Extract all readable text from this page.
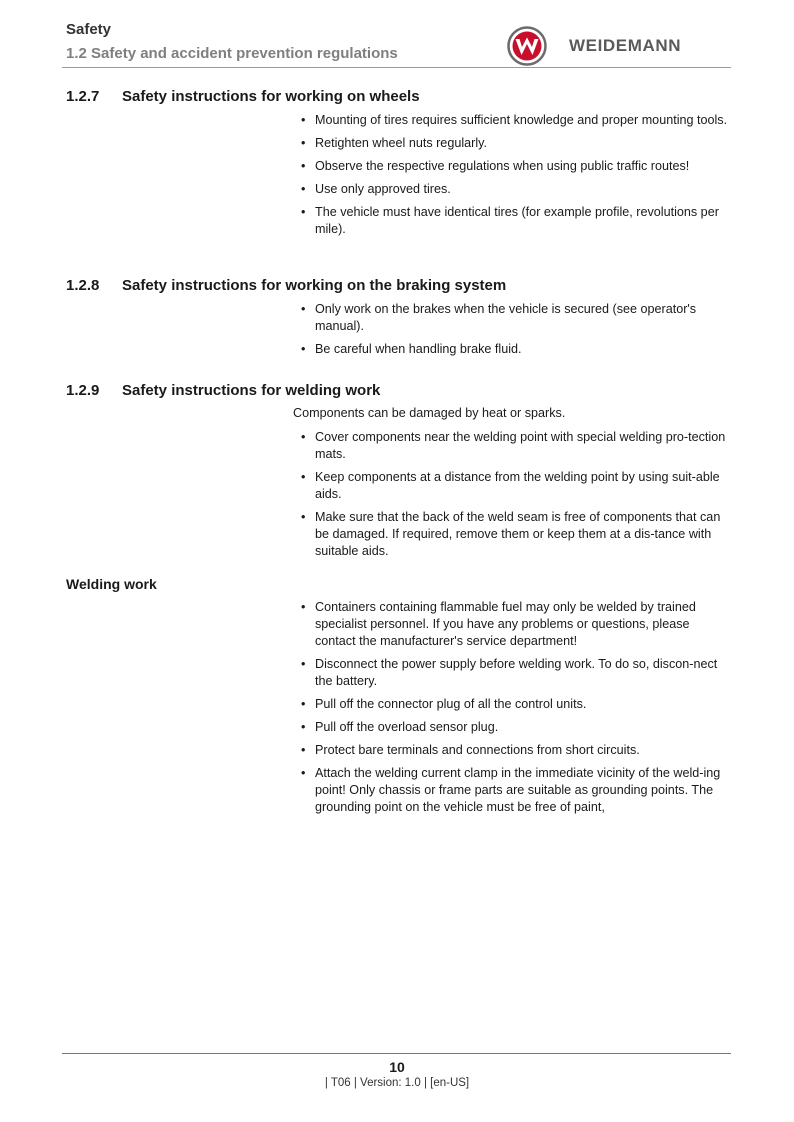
Safety
1.2 Safety and accident prevention regulations	WEIDEMANN
1.2.7 Safety instructions for working on wheels
• Mounting of tires requires sufficient knowledge and proper mounting tools.
• Retighten wheel nuts regularly.
• Observe the respective regulations when using public traffic routes!
• Use only approved tires.
• The vehicle must have identical tires (for example profile, revolutions per mile).
1.2.8 Safety instructions for working on the braking system
• Only work on the brakes when the vehicle is secured (see operator's manual).
• Be careful when handling brake fluid.
1.2.9 Safety instructions for welding work
Components can be damaged by heat or sparks.
• Cover components near the welding point with special welding pro-tection mats.
• Keep components at a distance from the welding point by using suit-able aids.
• Make sure that the back of the weld seam is free of components that can be damaged. If required, remove them or keep them at a dis-tance with suitable aids.
Welding work
• Containers containing flammable fuel may only be welded by trained specialist personnel. If you have any problems or questions, please contact the manufacturer's service department!
• Disconnect the power supply before welding work. To do so, discon-nect the battery.
• Pull off the connector plug of all the control units.
• Pull off the overload sensor plug.
• Protect bare terminals and connections from short circuits.
• Attach the welding current clamp in the immediate vicinity of the weld-ing point! Only chassis or frame parts are suitable as grounding points. The grounding point on the vehicle must be free of paint,
10
| T06 | Version: 1.0 | [en-US]
